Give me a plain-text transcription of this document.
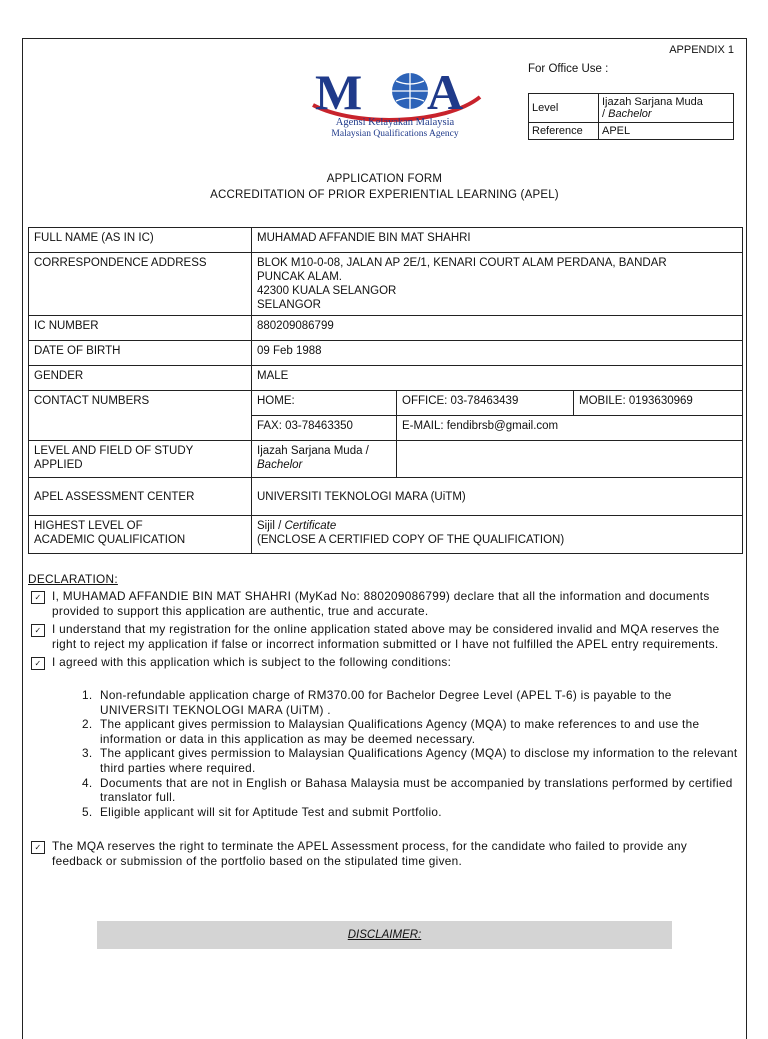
APPENDIX 1
M A
Agensi Kelayakan Malaysia
Malaysian Qualifications Agency
For Office Use :
Level	Ijazah Sarjana Muda
/ Bachelor
Reference	APEL
APPLICATION FORM
ACCREDITATION OF PRIOR EXPERIENTIAL LEARNING (APEL)
FULL NAME (AS IN IC)	MUHAMAD AFFANDIE BIN MAT SHAHRI		
CORRESPONDENCE ADDRESS	BLOK M10-0-08, JALAN AP 2E/1, KENARI COURT ALAM PERDANA, BANDAR
PUNCAK ALAM.
42300 KUALA SELANGOR
SELANGOR		
IC NUMBER	880209086799		
DATE OF BIRTH	09 Feb 1988		
GENDER	MALE		
CONTACT NUMBERS	HOME:	OFFICE: 03-78463439	MOBILE: 0193630969
	FAX: 03-78463350	E-MAIL: fendibrsb@gmail.com	
LEVEL AND FIELD OF STUDY
APPLIED	Ijazah Sarjana Muda /
Bachelor		
APEL ASSESSMENT CENTER	UNIVERSITI TEKNOLOGI MARA (UiTM)		
HIGHEST LEVEL OF
ACADEMIC QUALIFICATION	Sijil / Certificate
(ENCLOSE A CERTIFIED COPY OF THE QUALIFICATION)		
DECLARATION:
✓ I, MUHAMAD AFFANDIE BIN MAT SHAHRI (MyKad No: 880209086799) declare that all the information and documents provided to support this application are authentic, true and accurate.
✓ I understand that my registration for the online application stated above may be considered invalid and MQA reserves the right to reject my application if false or incorrect information submitted or I have not fulfilled the APEL entry requirements.
✓ I agreed with this application which is subject to the following conditions:
1. Non-refundable application charge of RM370.00 for Bachelor Degree Level (APEL T-6) is payable to the UNIVERSITI TEKNOLOGI MARA (UiTM) .
2. The applicant gives permission to Malaysian Qualifications Agency (MQA) to make references to and use the information or data in this application as may be deemed necessary.
3. The applicant gives permission to Malaysian Qualifications Agency (MQA) to disclose my information to the relevant third parties where required.
4. Documents that are not in English or Bahasa Malaysia must be accompanied by translations performed by certified translator full.
5. Eligible applicant will sit for Aptitude Test and submit Portfolio.
✓ The MQA reserves the right to terminate the APEL Assessment process, for the candidate who failed to provide any feedback or submission of the portfolio based on the stipulated time given.
DISCLAIMER:
